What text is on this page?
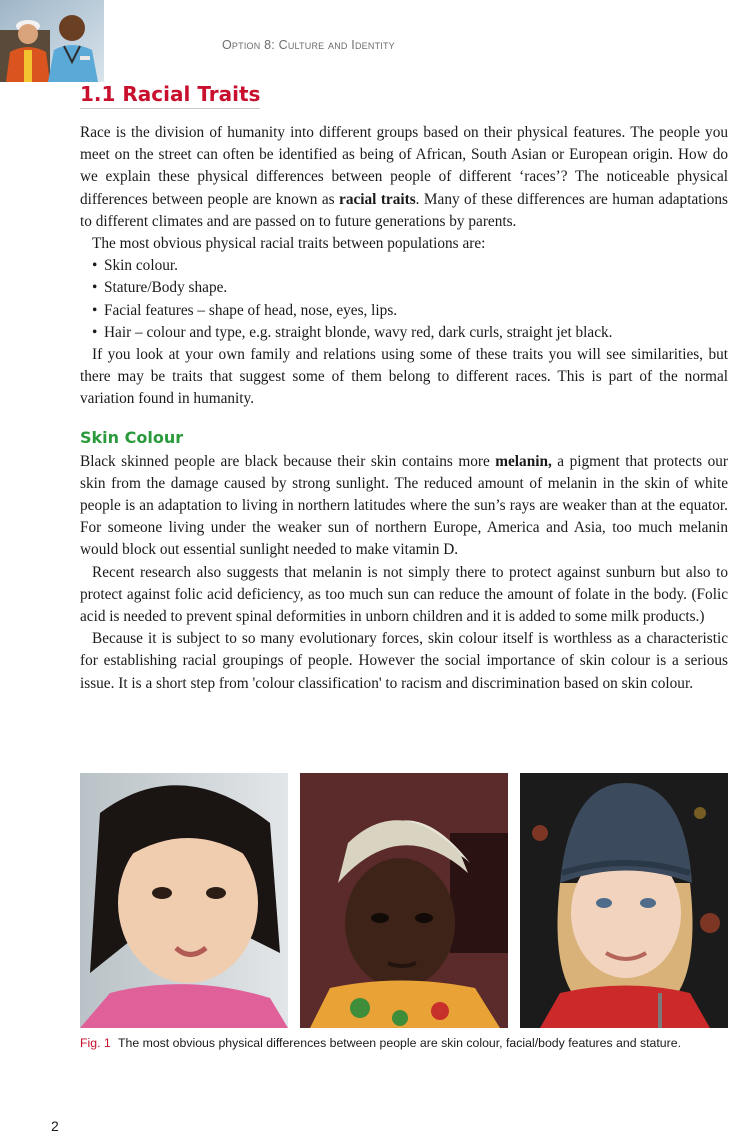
Option 8: Culture and Identity
1.1 Racial Traits

Race is the division of humanity into different groups based on their physical features. The people you meet on the street can often be identified as being of African, South Asian or European origin. How do we explain these physical differences between people of different ‘races’? The noticeable physical differences between people are known as racial traits. Many of these differences are human adaptations to different climates and are passed on to future generations by parents.

The most obvious physical racial traits between populations are:

• Skin colour.
• Stature/Body shape.
• Facial features – shape of head, nose, eyes, lips.
• Hair – colour and type, e.g. straight blonde, wavy red, dark curls, straight jet black.

If you look at your own family and relations using some of these traits you will see similarities, but there may be traits that suggest some of them belong to different races. This is part of the normal variation found in humanity.

Skin Colour

Black skinned people are black because their skin contains more melanin, a pigment that protects our skin from the damage caused by strong sunlight. The reduced amount of melanin in the skin of white people is an adaptation to living in northern latitudes where the sun’s rays are weaker than at the equator. For someone living under the weaker sun of northern Europe, America and Asia, too much melanin would block out essential sunlight needed to make vitamin D.

Recent research also suggests that melanin is not simply there to protect against sunburn but also to protect against folic acid deficiency, as too much sun can reduce the amount of folate in the body. (Folic acid is needed to prevent spinal deformities in unborn children and it is added to some milk products.)

Because it is subject to so many evolutionary forces, skin colour itself is worthless as a characteristic for establishing racial groupings of people. However the social importance of skin colour is a serious issue. It is a short step from 'colour classification' to racism and discrimination based on skin colour.

Fig. 1 The most obvious physical differences between people are skin colour, facial/body features and stature.
2
